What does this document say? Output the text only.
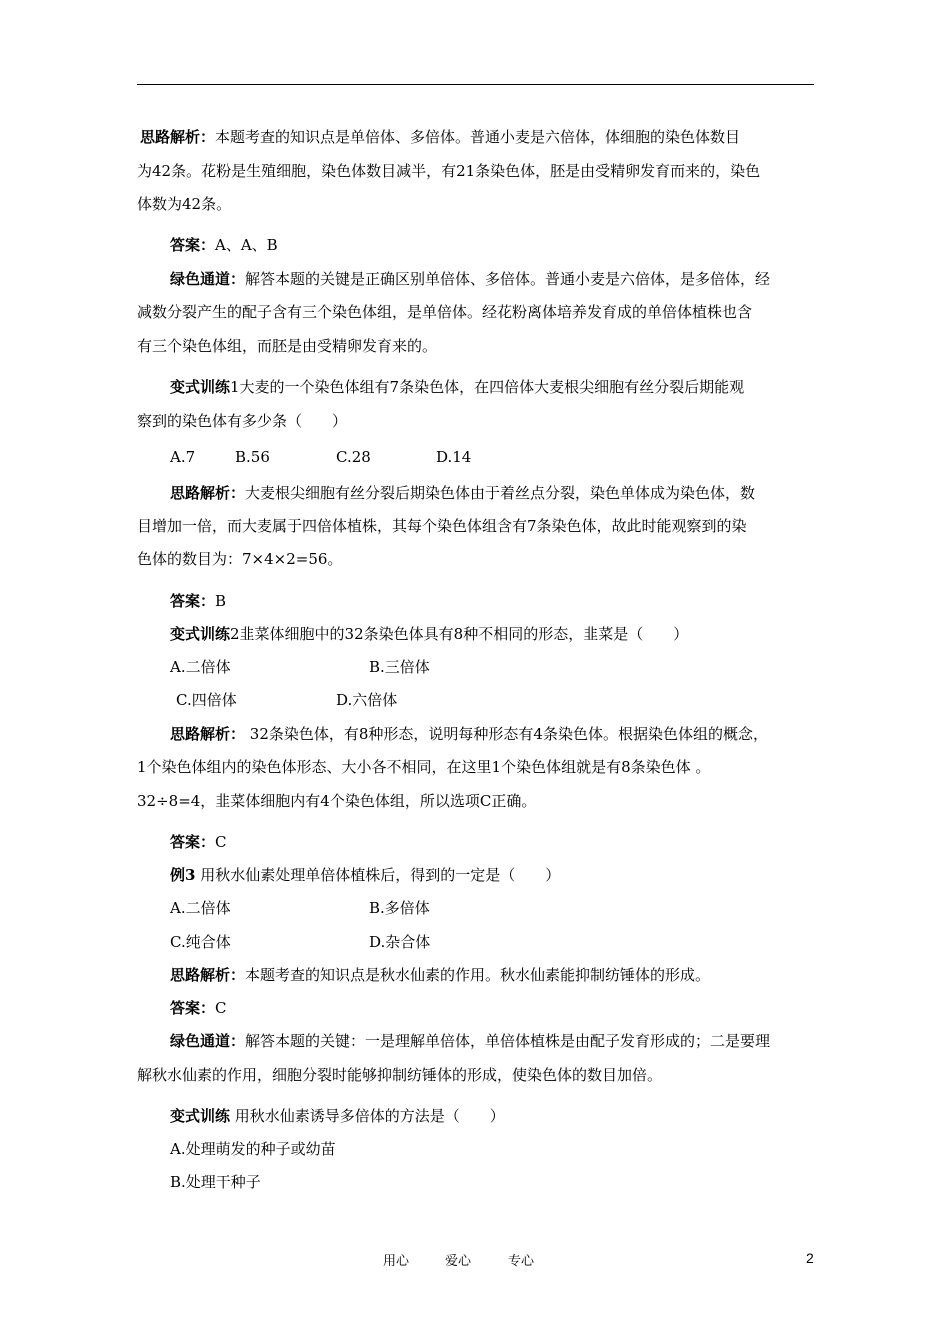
思路解析：本题考查的知识点是单倍体、多倍体。普通小麦是六倍体，体细胞的染色体数目
为42条。花粉是生殖细胞，染色体数目减半，有21条染色体，胚是由受精卵发育而来的，染色
体数为42条。
答案：A、A、B
绿色通道：解答本题的关键是正确区别单倍体、多倍体。普通小麦是六倍体，是多倍体，经
减数分裂产生的配子含有三个染色体组，是单倍体。经花粉离体培养发育成的单倍体植株也含
有三个染色体组，而胚是由受精卵发育来的。
变式训练1大麦的一个染色体组有7条染色体，在四倍体大麦根尖细胞有丝分裂后期能观
察到的染色体有多少条（　　）
A.7	B.56	C.28	D.14
思路解析：大麦根尖细胞有丝分裂后期染色体由于着丝点分裂，染色单体成为染色体，数
目增加一倍，而大麦属于四倍体植株，其每个染色体组含有7条染色体，故此时能观察到的染
色体的数目为：7×4×2=56。
答案：B
变式训练2韭菜体细胞中的32条染色体具有8种不相同的形态，韭菜是（　　）
A.二倍体	B.三倍体
C.四倍体	D.六倍体
思路解析： 32条染色体，有8种形态，说明每种形态有4条染色体。根据染色体组的概念，
1个染色体组内的染色体形态、大小各不相同，在这里1个染色体组就是有8条染色体 。
32÷8=4，韭菜体细胞内有4个染色体组，所以选项C正确。
答案：C
例3 用秋水仙素处理单倍体植株后，得到的一定是（　　）
A.二倍体	B.多倍体
C.纯合体	D.杂合体
思路解析：本题考查的知识点是秋水仙素的作用。秋水仙素能抑制纺锤体的形成。
答案：C
绿色通道：解答本题的关键：一是理解单倍体，单倍体植株是由配子发育形成的；二是要理
解秋水仙素的作用，细胞分裂时能够抑制纺锤体的形成，使染色体的数目加倍。
变式训练 用秋水仙素诱导多倍体的方法是（　　）
A.处理萌发的种子或幼苗
B.处理干种子
用心	爱心	专心	2
